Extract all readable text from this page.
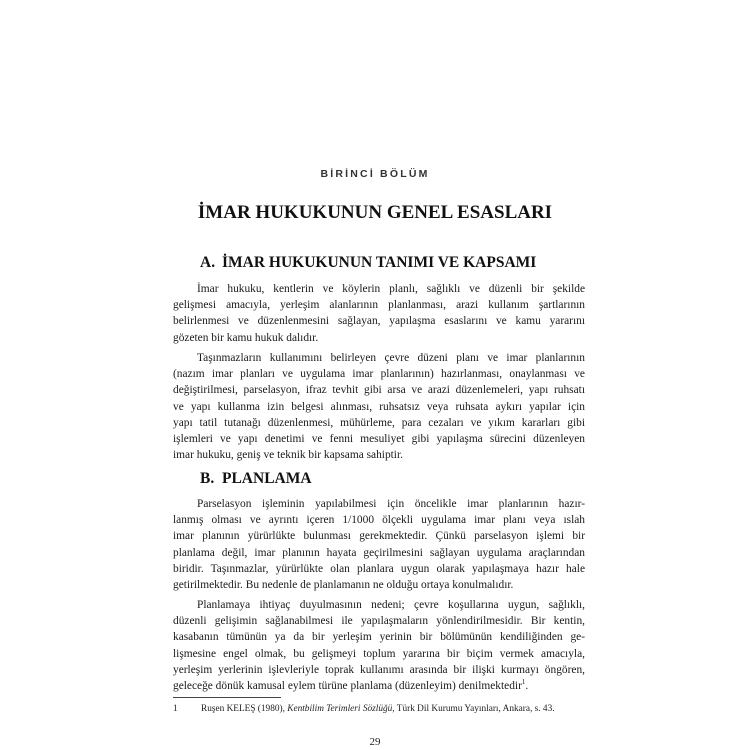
BİRİNCİ BÖLÜM
İMAR HUKUKUNUN GENEL ESASLARI
A. İMAR HUKUKUNUN TANIMI VE KAPSAMI

İmar hukuku, kentlerin ve köylerin planlı, sağlıklı ve düzenli bir şekilde
gelişmesi amacıyla, yerleşim alanlarının planlanması, arazi kullanım şartlarının
belirlenmesi ve düzenlenmesini sağlayan, yapılaşma esaslarını ve kamu yararını
gözeten bir kamu hukuk dalıdır.

Taşınmazların kullanımını belirleyen çevre düzeni planı ve imar planlarının
(nazım imar planları ve uygulama imar planlarının) hazırlanması, onaylanması ve
değiştirilmesi, parselasyon, ifraz tevhit gibi arsa ve arazi düzenlemeleri, yapı ruhsatı
ve yapı kullanma izin belgesi alınması, ruhsatsız veya ruhsata aykırı yapılar için
yapı tatil tutanağı düzenlenmesi, mühürleme, para cezaları ve yıkım kararları gibi
işlemleri ve yapı denetimi ve fenni mesuliyet gibi yapılaşma sürecini düzenleyen
imar hukuku, geniş ve teknik bir kapsama sahiptir.

B. PLANLAMA

Parselasyon işleminin yapılabilmesi için öncelikle imar planlarının hazır-
lanmış olması ve ayrıntı içeren 1/1000 ölçekli uygulama imar planı veya ıslah
imar planının yürürlükte bulunması gerekmektedir. Çünkü parselasyon işlemi bir
planlama değil, imar planının hayata geçirilmesini sağlayan uygulama araçlarından
biridir. Taşınmazlar, yürürlükte olan planlara uygun olarak yapılaşmaya hazır hale
getirilmektedir. Bu nedenle de planlamanın ne olduğu ortaya konulmalıdır.

Planlamaya ihtiyaç duyulmasının nedeni; çevre koşullarına uygun, sağlıklı,
düzenli gelişimin sağlanabilmesi ile yapılaşmaların yönlendirilmesidir. Bir kentin,
kasabanın tümünün ya da bir yerleşim yerinin bir bölümünün kendiliğinden ge-
lişmesine engel olmak, bu gelişmeyi toplum yararına bir biçim vermek amacıyla,
yerleşim yerlerinin işlevleriyle toprak kullanımı arasında bir ilişki kurmayı öngören,
geleceğe dönük kamusal eylem türüne planlama (düzenleyim) denilmektedir$^1$.

1	Ruşen KELEŞ (1980), Kentbilim Terimleri Sözlüğü, Türk Dil Kurumu Yayınları, Ankara, s. 43.
29
